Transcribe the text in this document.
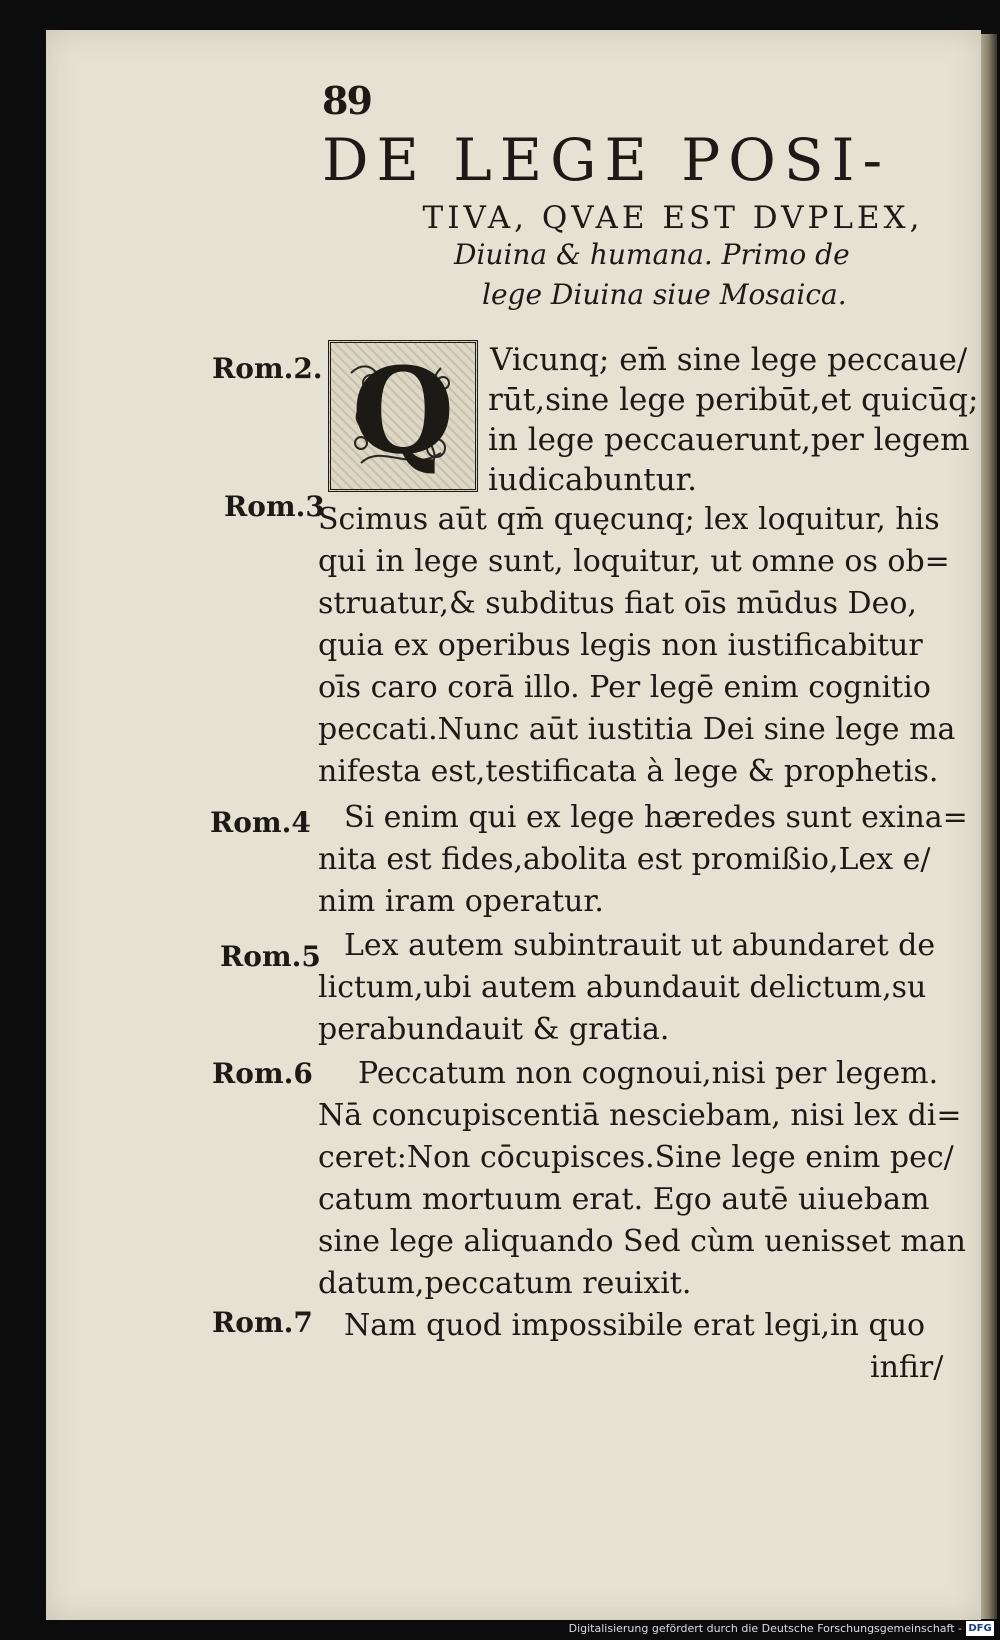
89
DE LEGE POSI-
TIVA, QVAE EST DVPLEX,
Diuina & humana. Primo de
lege Diuina siue Mosaica.
Q
Rom.2.
Rom.3
Rom.4
Rom.5
Rom.6
Rom.7
Vicunq; em̄ sine lege peccaue/
rūt,sine lege peribūt,et quicūq;
in lege peccauerunt,per legem
iudicabuntur.
Scimus aūt qm̄ quęcunq; lex loquitur, his
qui in lege sunt, loquitur, ut omne os ob=
struatur,& subditus fiat oīs mūdus Deo,
quia ex operibus legis non iustificabitur
oīs caro corā illo. Per legē enim cognitio
peccati.Nunc aūt iustitia Dei sine lege ma
nifesta est,testificata à lege & prophetis.
Si enim qui ex lege hæredes sunt exina=
nita est fides,abolita est promißio,Lex e/
nim iram operatur.
Lex autem subintrauit ut abundaret de
lictum,ubi autem abundauit delictum,su
perabundauit & gratia.
Peccatum non cognoui,nisi per legem.
Nā concupiscentiā nesciebam, nisi lex di=
ceret:Non cōcupisces.Sine lege enim pec/
catum mortuum erat. Ego autē uiuebam
sine lege aliquando Sed cùm uenisset man
datum,peccatum reuixit.
Nam quod impossibile erat legi,in quo
infir/
Digitalisierung gefördert durch die Deutsche Forschungsgemeinschaft - DFG
